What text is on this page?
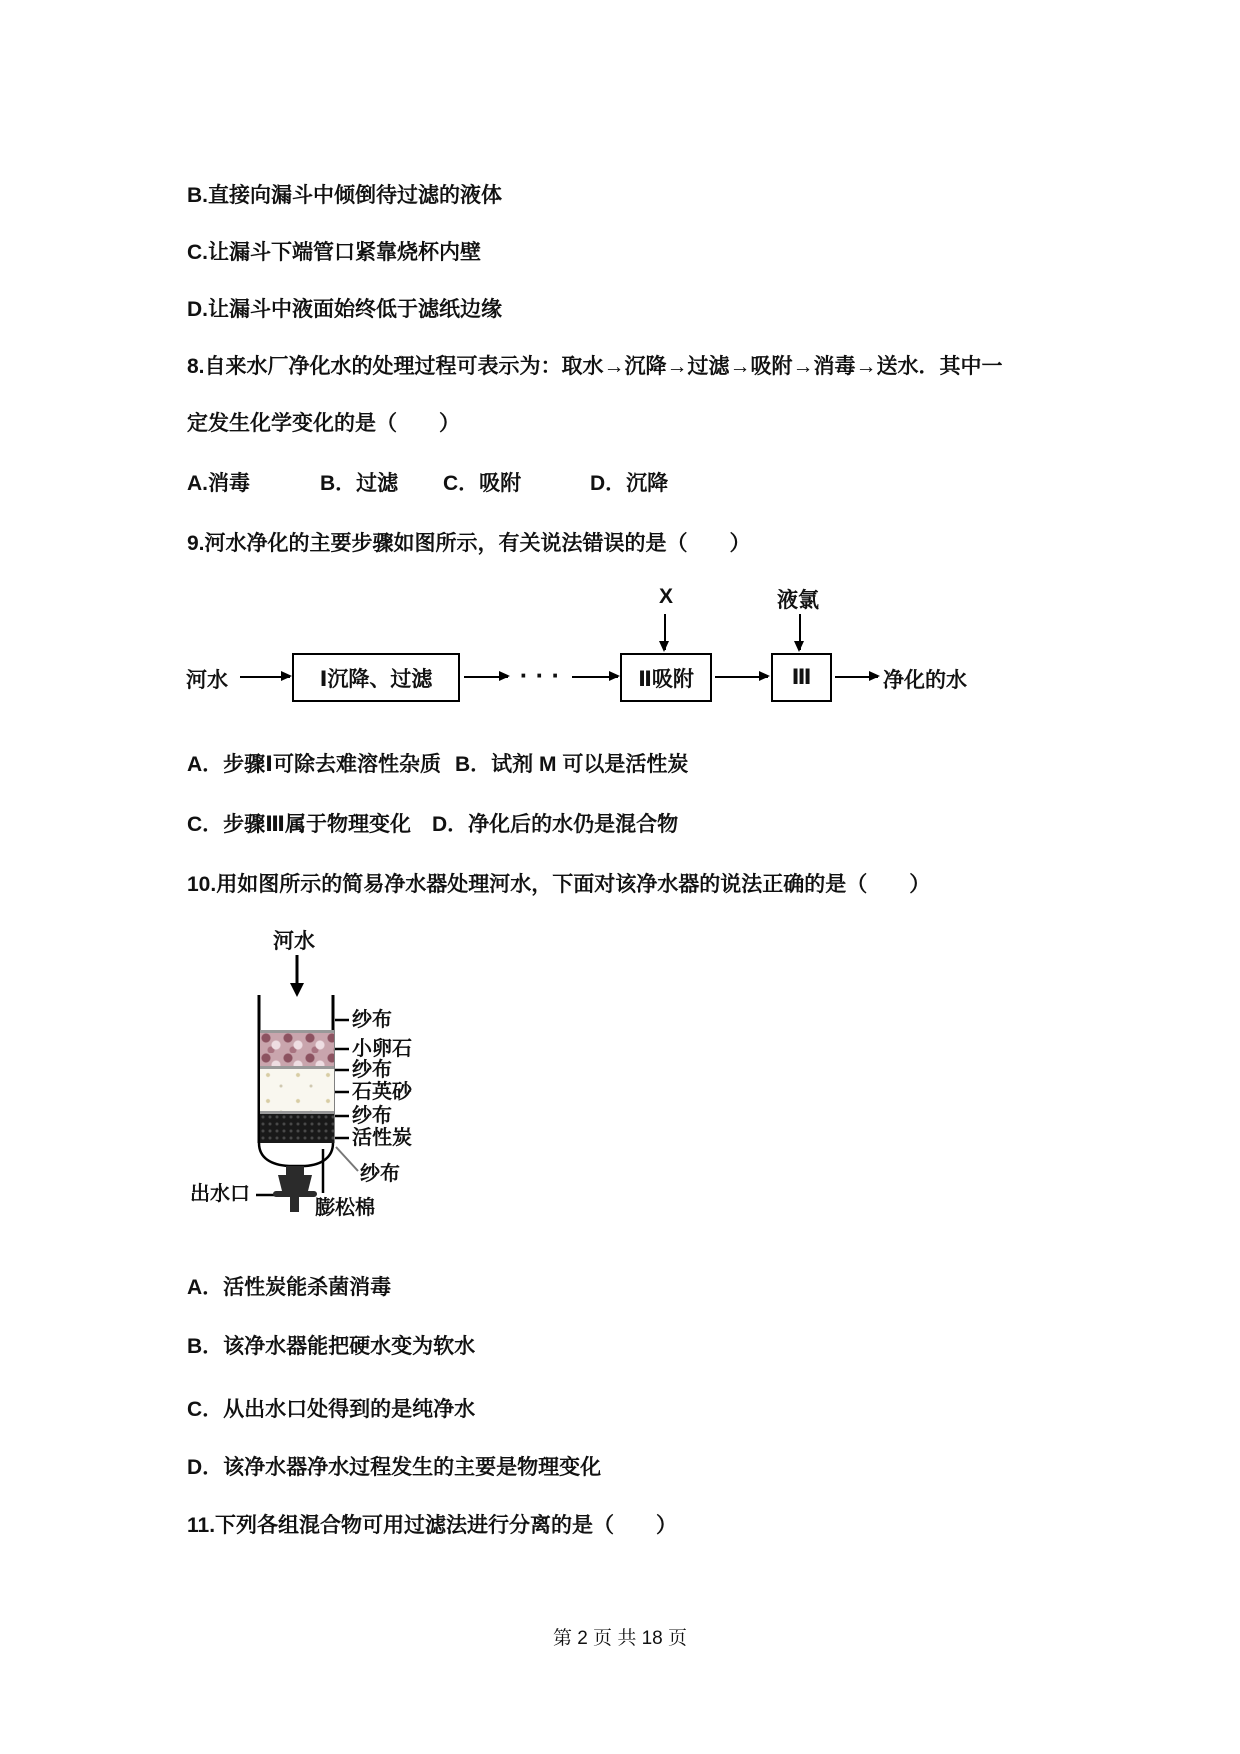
B.直接向漏斗中倾倒待过滤的液体
C.让漏斗下端管口紧靠烧杯内壁
D.让漏斗中液面始终低于滤纸边缘
8.自来水厂净化水的处理过程可表示为：取水→沉降→过滤→吸附→消毒→送水．其中一
定发生化学变化的是（　　）
A.消毒	B．过滤 C．吸附	D．沉降
9.河水净化的主要步骤如图所示，有关说法错误的是（　　）
X	液氯
河水	Ⅰ沉降、过滤	· · ·	Ⅱ吸附	Ⅲ	净化的水
A．步骤Ⅰ可除去难溶性杂质 B．试剂 M 可以是活性炭
C．步骤Ⅲ属于物理变化 D．净化后的水仍是混合物
10.用如图所示的简易净水器处理河水，下面对该净水器的说法正确的是（　　）
河水
纱布
小卵石
纱布
石英砂
纱布
活性炭
纱布
膨松棉
出水口
A．活性炭能杀菌消毒
B．该净水器能把硬水变为软水
C．从出水口处得到的是纯净水
D．该净水器净水过程发生的主要是物理变化
11.下列各组混合物可用过滤法进行分离的是（　　）
第 2 页 共 18 页
